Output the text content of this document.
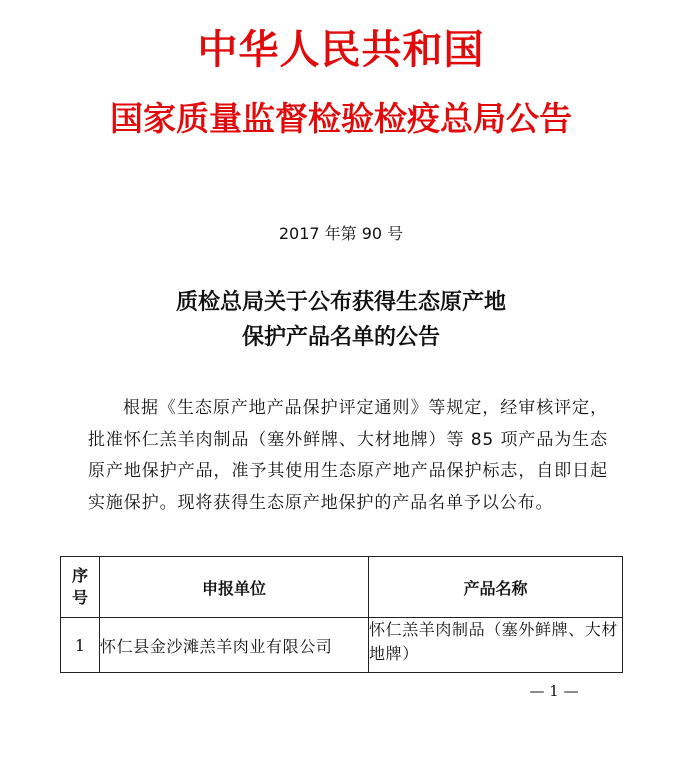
中华人民共和国
国家质量监督检验检疫总局公告
2017 年第 90 号
质检总局关于公布获得生态原产地
保护产品名单的公告
根据《生态原产地产品保护评定通则》等规定，经审核评定，批准怀仁羔羊肉制品（塞外鲜牌、大材地牌）等 85 项产品为生态原产地保护产品，准予其使用生态原产地产品保护标志，自即日起实施保护。现将获得生态原产地保护的产品名单予以公布。
序
号	申报单位	产品名称
1	怀仁县金沙滩羔羊肉业有限公司	怀仁羔羊肉制品（塞外鲜牌、大材地牌）
— 1 —
